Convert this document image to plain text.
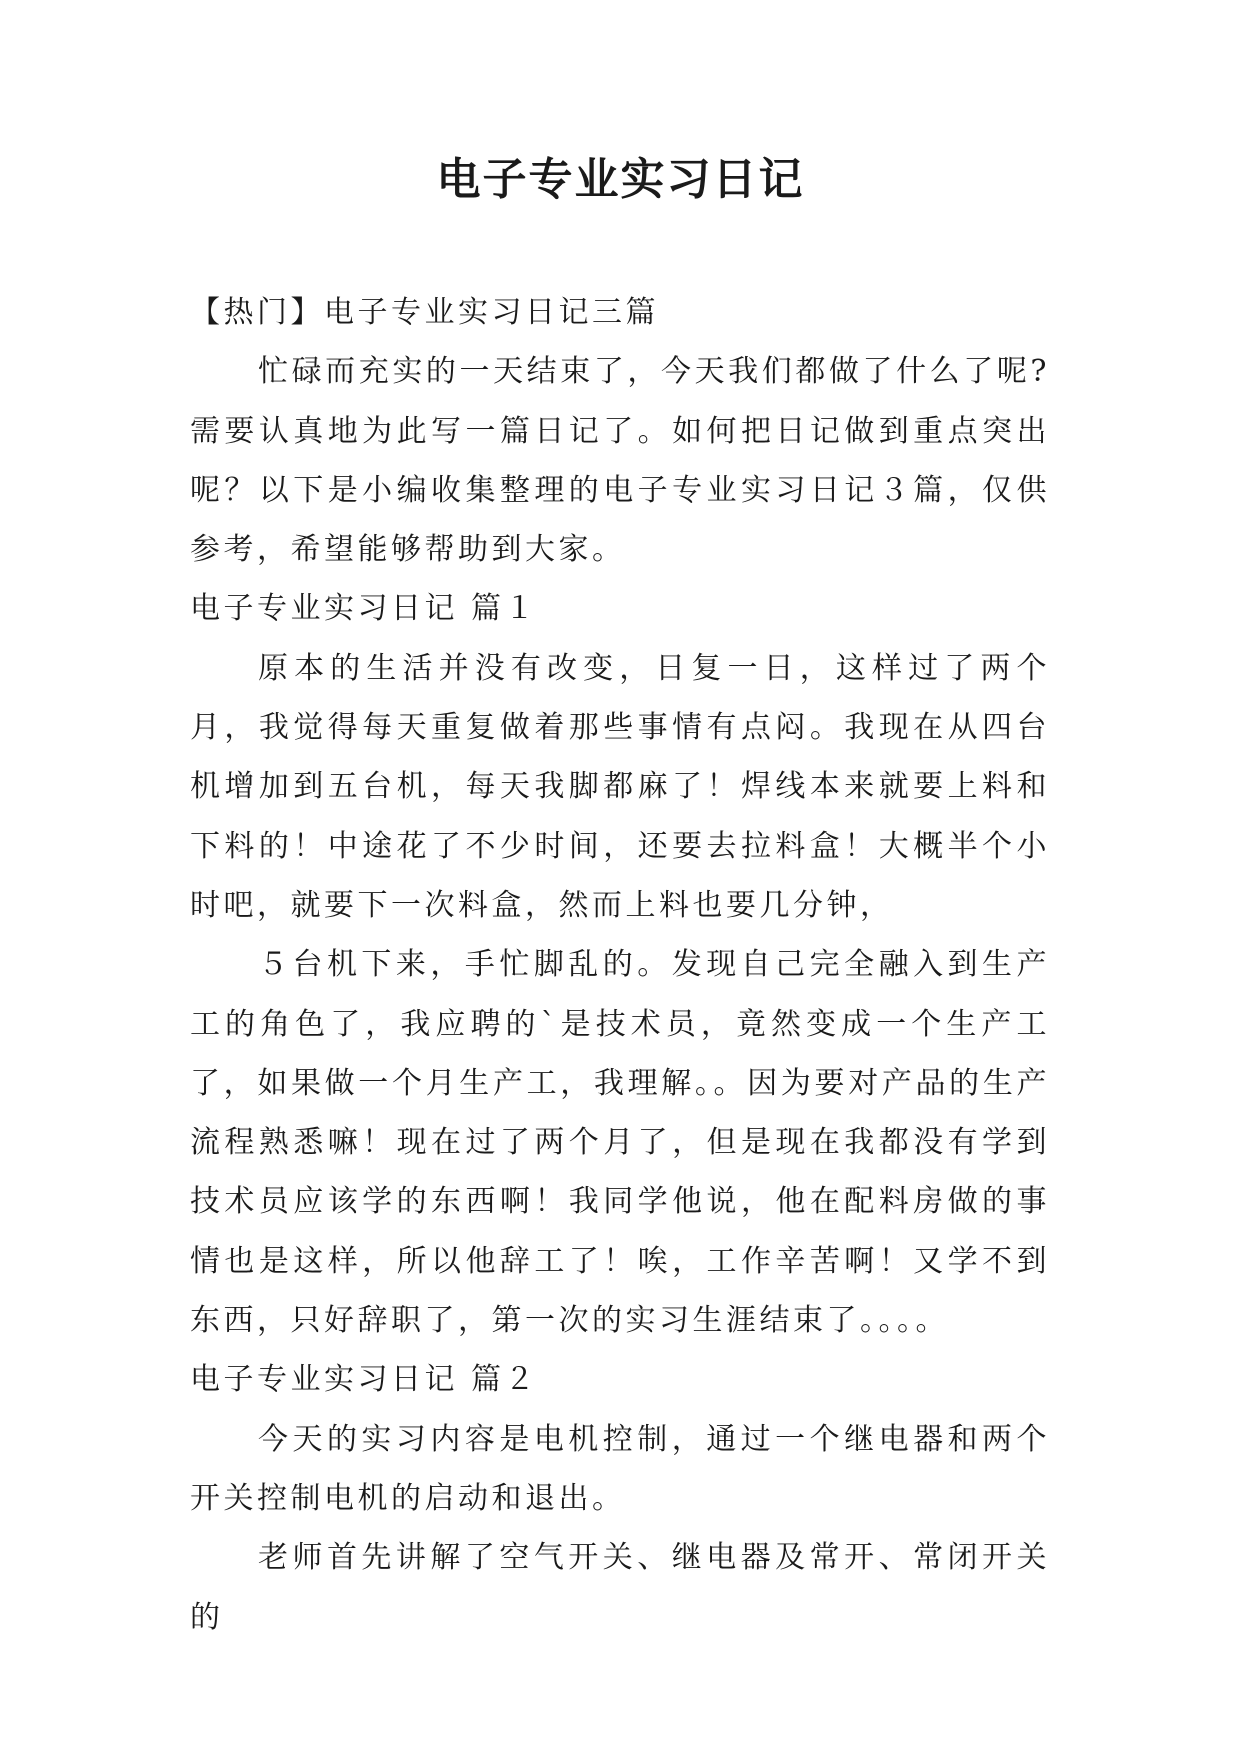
电子专业实习日记

【热门】电子专业实习日记三篇

忙碌而充实的一天结束了，今天我们都做了什么了呢?需要认真地为此写一篇日记了。如何把日记做到重点突出呢？以下是小编收集整理的电子专业实习日记３篇，仅供参考，希望能够帮助到大家。

电子专业实习日记 篇１

原本的生活并没有改变，日复一日，这样过了两个月，我觉得每天重复做着那些事情有点闷。我现在从四台机增加到五台机，每天我脚都麻了！焊线本来就要上料和下料的！中途花了不少时间，还要去拉料盒！大概半个小时吧，就要下一次料盒，然而上料也要几分钟，

５台机下来，手忙脚乱的。发现自己完全融入到生产工的角色了，我应聘的`是技术员，竟然变成一个生产工了，如果做一个月生产工，我理解。。因为要对产品的生产流程熟悉嘛！现在过了两个月了，但是现在我都没有学到技术员应该学的东西啊！我同学他说，他在配料房做的事情也是这样，所以他辞工了！唉，工作辛苦啊！又学不到东西，只好辞职了，第一次的实习生涯结束了。。。。

电子专业实习日记 篇２

今天的实习内容是电机控制，通过一个继电器和两个开关控制电机的启动和退出。

老师首先讲解了空气开关、继电器及常开、常闭开关的
